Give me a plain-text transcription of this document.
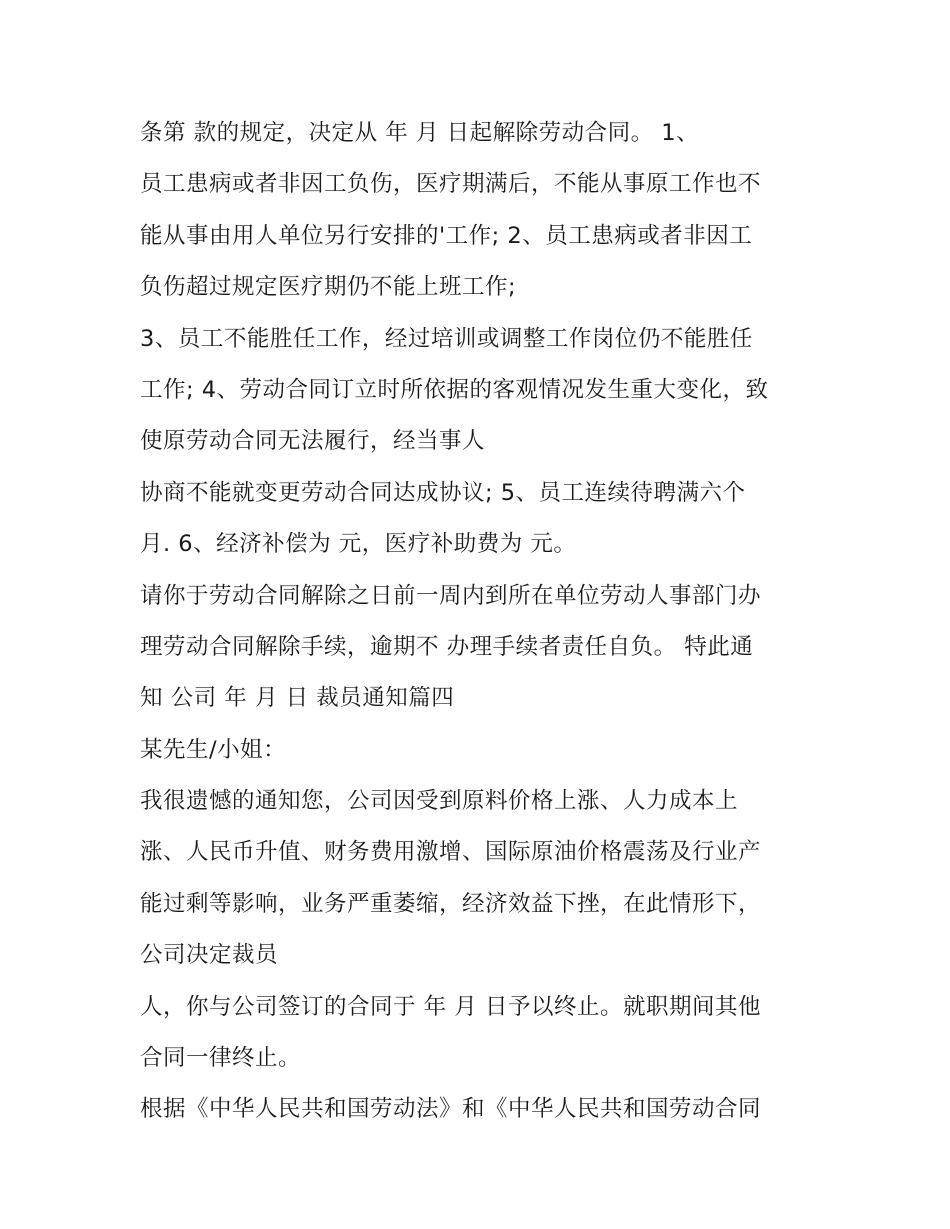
条第 款的规定，决定从 年 月 日起解除劳动合同。 1、
员工患病或者非因工负伤，医疗期满后，不能从事原工作也不
能从事由用人单位另行安排的'工作; 2、员工患病或者非因工
负伤超过规定医疗期仍不能上班工作;
3、员工不能胜任工作，经过培训或调整工作岗位仍不能胜任
工作; 4、劳动合同订立时所依据的客观情况发生重大变化，致
使原劳动合同无法履行，经当事人
协商不能就变更劳动合同达成协议; 5、员工连续待聘满六个
月. 6、经济补偿为 元，医疗补助费为 元。
请你于劳动合同解除之日前一周内到所在单位劳动人事部门办
理劳动合同解除手续，逾期不 办理手续者责任自负。 特此通
知 公司 年 月 日 裁员通知篇四
某先生/小姐：
我很遗憾的通知您，公司因受到原料价格上涨、人力成本上
涨、人民币升值、财务费用激增、国际原油价格震荡及行业产
能过剩等影响，业务严重萎缩，经济效益下挫，在此情形下，
公司决定裁员
人，你与公司签订的合同于 年 月 日予以终止。就职期间其他
合同一律终止。
根据《中华人民共和国劳动法》和《中华人民共和国劳动合同
